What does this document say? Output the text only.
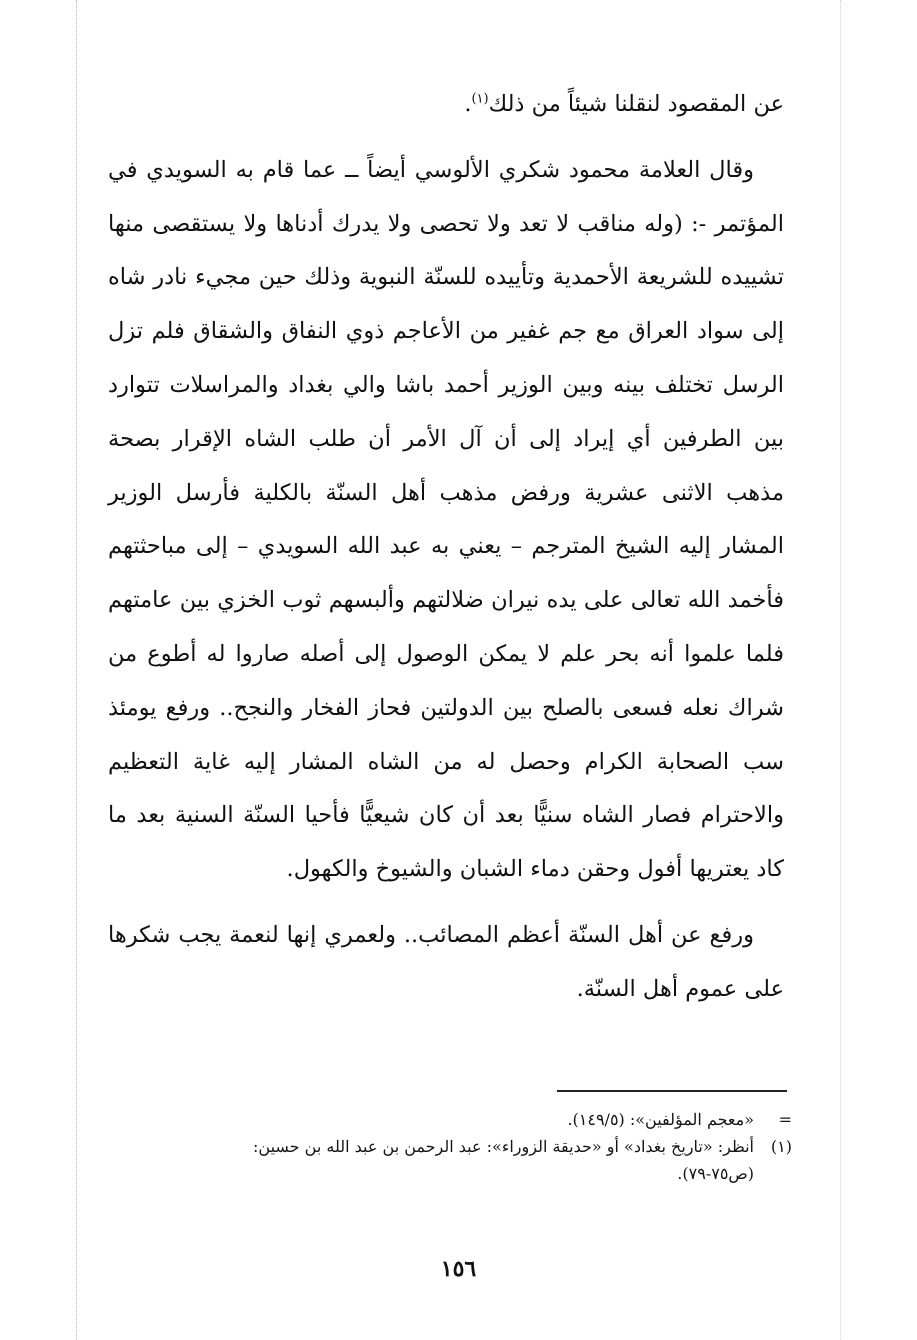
عن المقصود لنقلنا شيئاً من ذلك$^{(١)}$.

وقال العلامة محمود شكري الألوسي أيضاً ــ عما قام به السويدي في المؤتمر -: (وله مناقب لا تعد ولا تحصى ولا يدرك أدناها ولا يستقصى منها تشييده للشريعة الأحمدية وتأييده للسنّة النبوية وذلك حين مجيء نادر شاه إلى سواد العراق مع جم غفير من الأعاجم ذوي النفاق والشقاق فلم تزل الرسل تختلف بينه وبين الوزير أحمد باشا والي بغداد والمراسلات تتوارد بين الطرفين أي إيراد إلى أن آل الأمر أن طلب الشاه الإقرار بصحة مذهب الاثنى عشرية ورفض مذهب أهل السنّة بالكلية فأرسل الوزير المشار إليه الشيخ المترجم – يعني به عبد الله السويدي – إلى مباحثتهم فأخمد الله تعالى على يده نيران ضلالتهم وألبسهم ثوب الخزي بين عامتهم فلما علموا أنه بحر علم لا يمكن الوصول إلى أصله صاروا له أطوع من شراك نعله فسعى بالصلح بين الدولتين فحاز الفخار والنجح.. ورفع يومئذ سب الصحابة الكرام وحصل له من الشاه المشار إليه غاية التعظيم والاحترام فصار الشاه سنيًّا بعد أن كان شيعيًّا فأحيا السنّة السنية بعد ما كاد يعتريها أفول وحقن دماء الشبان والشيوخ والكهول.

ورفع عن أهل السنّة أعظم المصائب.. ولعمري إنها لنعمة يجب شكرها على عموم أهل السنّة.

=
«معجم المؤلفين»: (١٤٩/٥).
(١)
أنظر: «تاريخ بغداد» أو «حديقة الزوراء»: عبد الرحمن بن عبد الله بن حسين:
(ص٧٥-٧٩).
١٥٦
